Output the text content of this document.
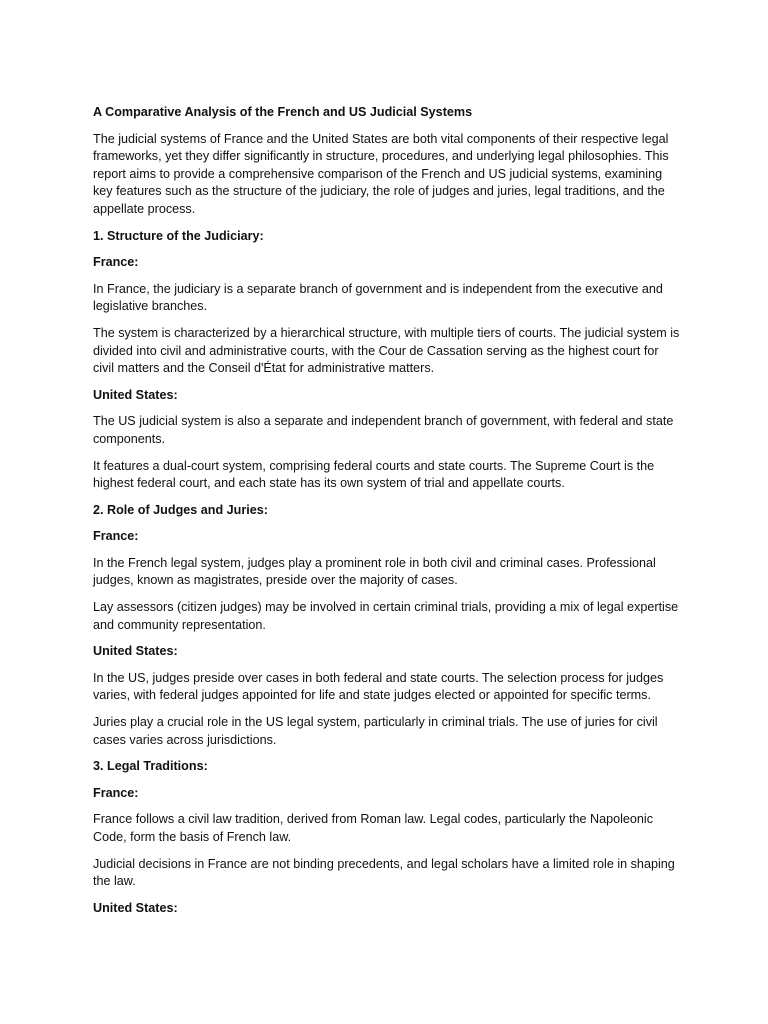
A Comparative Analysis of the French and US Judicial Systems

The judicial systems of France and the United States are both vital components of their respective legal frameworks, yet they differ significantly in structure, procedures, and underlying legal philosophies. This report aims to provide a comprehensive comparison of the French and US judicial systems, examining key features such as the structure of the judiciary, the role of judges and juries, legal traditions, and the appellate process.

1. Structure of the Judiciary:

France:

In France, the judiciary is a separate branch of government and is independent from the executive and legislative branches.

The system is characterized by a hierarchical structure, with multiple tiers of courts. The judicial system is divided into civil and administrative courts, with the Cour de Cassation serving as the highest court for civil matters and the Conseil d'État for administrative matters.

United States:

The US judicial system is also a separate and independent branch of government, with federal and state components.

It features a dual-court system, comprising federal courts and state courts. The Supreme Court is the highest federal court, and each state has its own system of trial and appellate courts.

2. Role of Judges and Juries:

France:

In the French legal system, judges play a prominent role in both civil and criminal cases. Professional judges, known as magistrates, preside over the majority of cases.

Lay assessors (citizen judges) may be involved in certain criminal trials, providing a mix of legal expertise and community representation.

United States:

In the US, judges preside over cases in both federal and state courts. The selection process for judges varies, with federal judges appointed for life and state judges elected or appointed for specific terms.

Juries play a crucial role in the US legal system, particularly in criminal trials. The use of juries for civil cases varies across jurisdictions.

3. Legal Traditions:

France:

France follows a civil law tradition, derived from Roman law. Legal codes, particularly the Napoleonic Code, form the basis of French law.

Judicial decisions in France are not binding precedents, and legal scholars have a limited role in shaping the law.

United States:
